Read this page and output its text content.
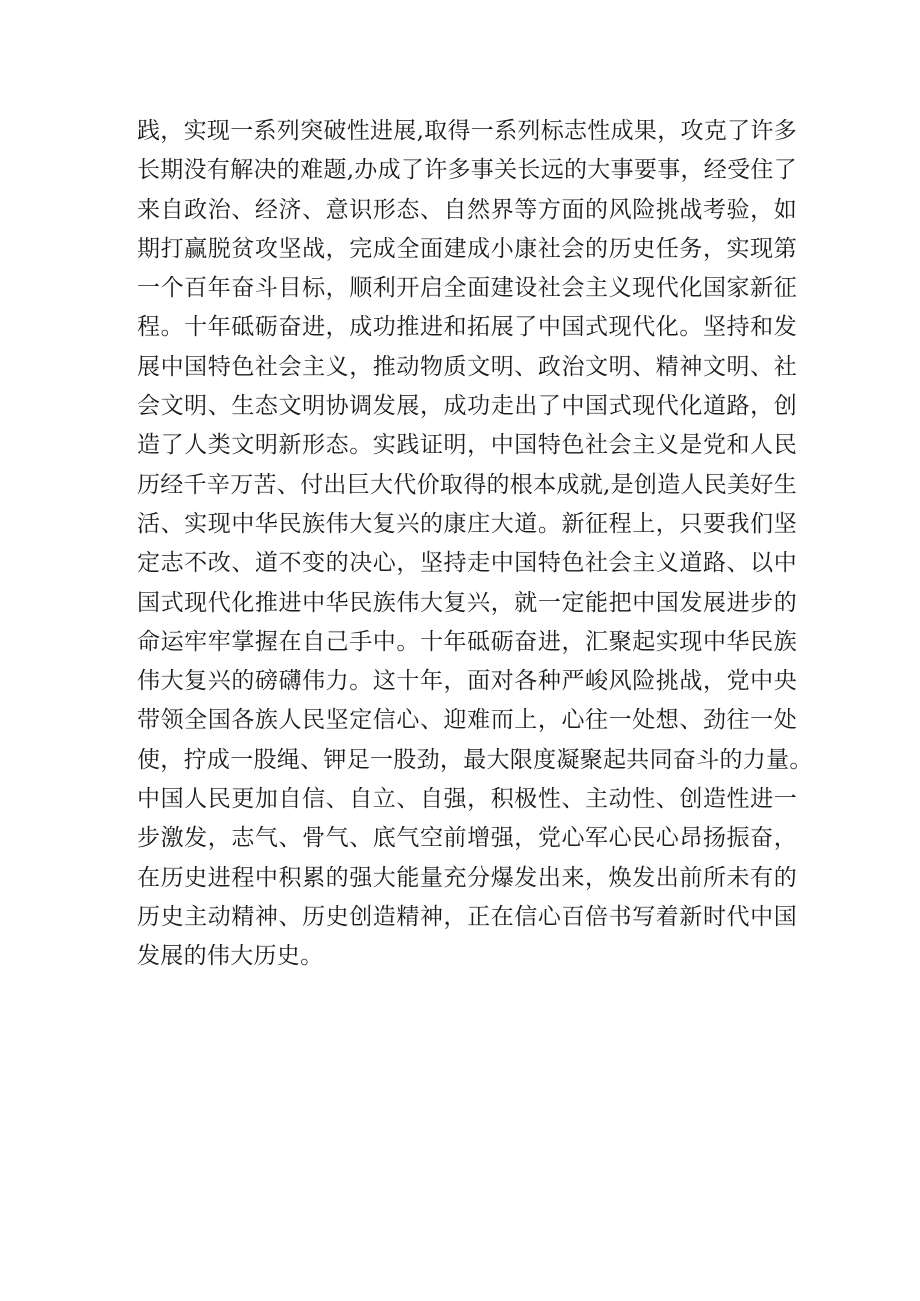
践，实现一系列突破性进展,取得一系列标志性成果，攻克了许多
长期没有解决的难题,办成了许多事关长远的大事要事，经受住了
来自政治、经济、意识形态、自然界等方面的风险挑战考验，如
期打赢脱贫攻坚战，完成全面建成小康社会的历史任务，实现第
一个百年奋斗目标，顺利开启全面建设社会主义现代化国家新征
程。十年砥砺奋进，成功推进和拓展了中国式现代化。坚持和发
展中国特色社会主义，推动物质文明、政治文明、精神文明、社
会文明、生态文明协调发展，成功走出了中国式现代化道路，创
造了人类文明新形态。实践证明，中国特色社会主义是党和人民
历经千辛万苦、付出巨大代价取得的根本成就,是创造人民美好生
活、实现中华民族伟大复兴的康庄大道。新征程上，只要我们坚
定志不改、道不变的决心，坚持走中国特色社会主义道路、以中
国式现代化推进中华民族伟大复兴，就一定能把中国发展进步的
命运牢牢掌握在自己手中。十年砥砺奋进，汇聚起实现中华民族
伟大复兴的磅礴伟力。这十年，面对各种严峻风险挑战，党中央
带领全国各族人民坚定信心、迎难而上，心往一处想、劲往一处
使，拧成一股绳、钾足一股劲，最大限度凝聚起共同奋斗的力量。
中国人民更加自信、自立、自强，积极性、主动性、创造性进一
步激发，志气、骨气、底气空前增强，党心军心民心昂扬振奋，
在历史进程中积累的强大能量充分爆发出来，焕发出前所未有的
历史主动精神、历史创造精神，正在信心百倍书写着新时代中国
发展的伟大历史。
